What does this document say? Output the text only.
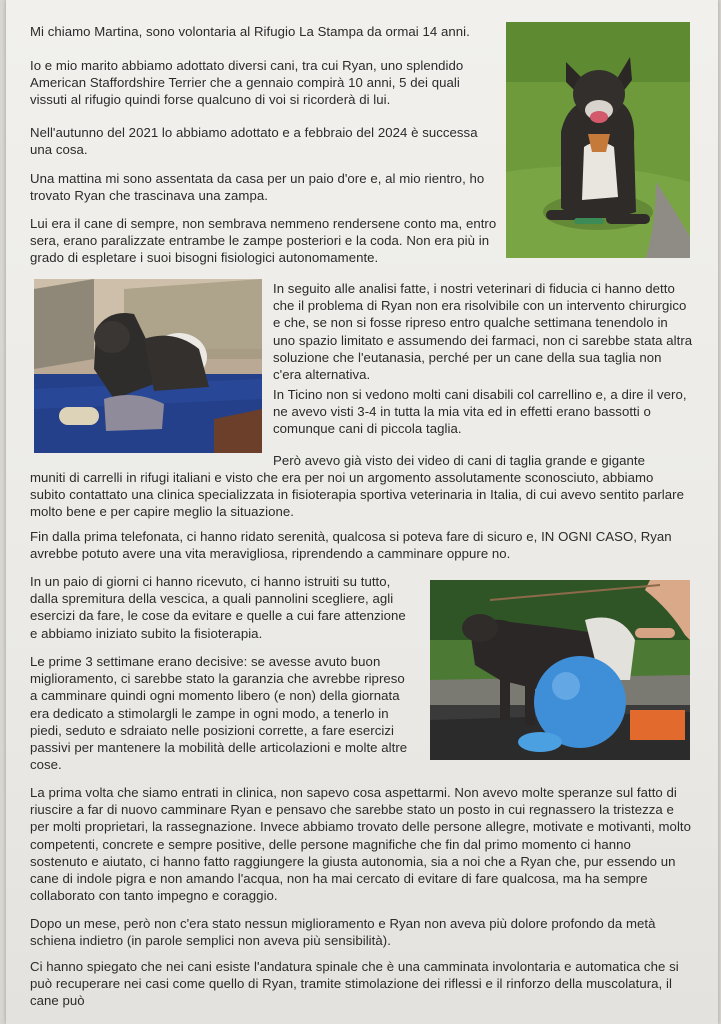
Mi chiamo Martina, sono volontaria al Rifugio La Stampa da ormai 14 anni.

Io e mio marito abbiamo adottato diversi cani, tra cui Ryan, uno splendido American Staffordshire Terrier che a gennaio compirà 10 anni, 5 dei quali vissuti al rifugio quindi forse qualcuno di voi si ricorderà di lui.

Nell'autunno del 2021 lo abbiamo adottato e a febbraio del 2024 è successa una cosa.

Una mattina mi sono assentata da casa per un paio d'ore e, al mio rientro, ho trovato Ryan che trascinava una zampa.

Lui era il cane di sempre, non sembrava nemmeno rendersene conto ma, entro sera, erano paralizzate entrambe le zampe posteriori e la coda. Non era più in grado di espletare i suoi bisogni fisiologici autonomamente.

In seguito alle analisi fatte, i nostri veterinari di fiducia ci hanno detto che il problema di Ryan non era risolvibile con un intervento chirurgico e che, se non si fosse ripreso entro qualche settimana tenendolo in uno spazio limitato e assumendo dei farmaci, non ci sarebbe stata altra soluzione che l'eutanasia, perché per un cane della sua taglia non c'era alternativa.

In Ticino non si vedono molti cani disabili col carrellino e, a dire il vero, ne avevo visti 3-4 in tutta la mia vita ed in effetti erano bassotti o comunque cani di piccola taglia.

Però avevo già visto dei video di cani di taglia grande e gigante

muniti di carrelli in rifugi italiani e visto che era per noi un argomento assolutamente sconosciuto, abbiamo subito contattato una clinica specializzata in fisioterapia sportiva veterinaria in Italia, di cui avevo sentito parlare molto bene e per capire meglio la situazione.

Fin dalla prima telefonata, ci hanno ridato serenità, qualcosa si poteva fare di sicuro e, IN OGNI CASO, Ryan avrebbe potuto avere una vita meravigliosa, riprendendo a camminare oppure no.

In un paio di giorni ci hanno ricevuto, ci hanno istruiti su tutto, dalla spremitura della vescica, a quali pannolini scegliere, agli esercizi da fare, le cose da evitare e quelle a cui fare attenzione e abbiamo iniziato subito la fisioterapia.

Le prime 3 settimane erano decisive: se avesse avuto buon miglioramento, ci sarebbe stato la garanzia che avrebbe ripreso a camminare quindi ogni momento libero (e non) della giornata era dedicato a stimolargli le zampe in ogni modo, a tenerlo in piedi, seduto e sdraiato nelle posizioni corrette, a fare esercizi passivi per mantenere la mobilità delle articolazioni e molte altre cose.

La prima volta che siamo entrati in clinica, non sapevo cosa aspettarmi. Non avevo molte speranze sul fatto di riuscire a far di nuovo camminare Ryan e pensavo che sarebbe stato un posto in cui regnassero la tristezza e per molti proprietari, la rassegnazione. Invece abbiamo trovato delle persone allegre, motivate e motivanti, molto competenti, concrete e sempre positive, delle persone magnifiche che fin dal primo momento ci hanno sostenuto e aiutato, ci hanno fatto raggiungere la giusta autonomia, sia a noi che a Ryan che, pur essendo un cane di indole pigra e non amando l'acqua, non ha mai cercato di evitare di fare qualcosa, ma ha sempre collaborato con tanto impegno e coraggio.

Dopo un mese, però non c'era stato nessun miglioramento e Ryan non aveva più dolore profondo da metà schiena indietro (in parole semplici non aveva più sensibilità).

Ci hanno spiegato che nei cani esiste l'andatura spinale che è una camminata involontaria e automatica che si può recuperare nei casi come quello di Ryan, tramite stimolazione dei riflessi e il rinforzo della muscolatura, il cane può
